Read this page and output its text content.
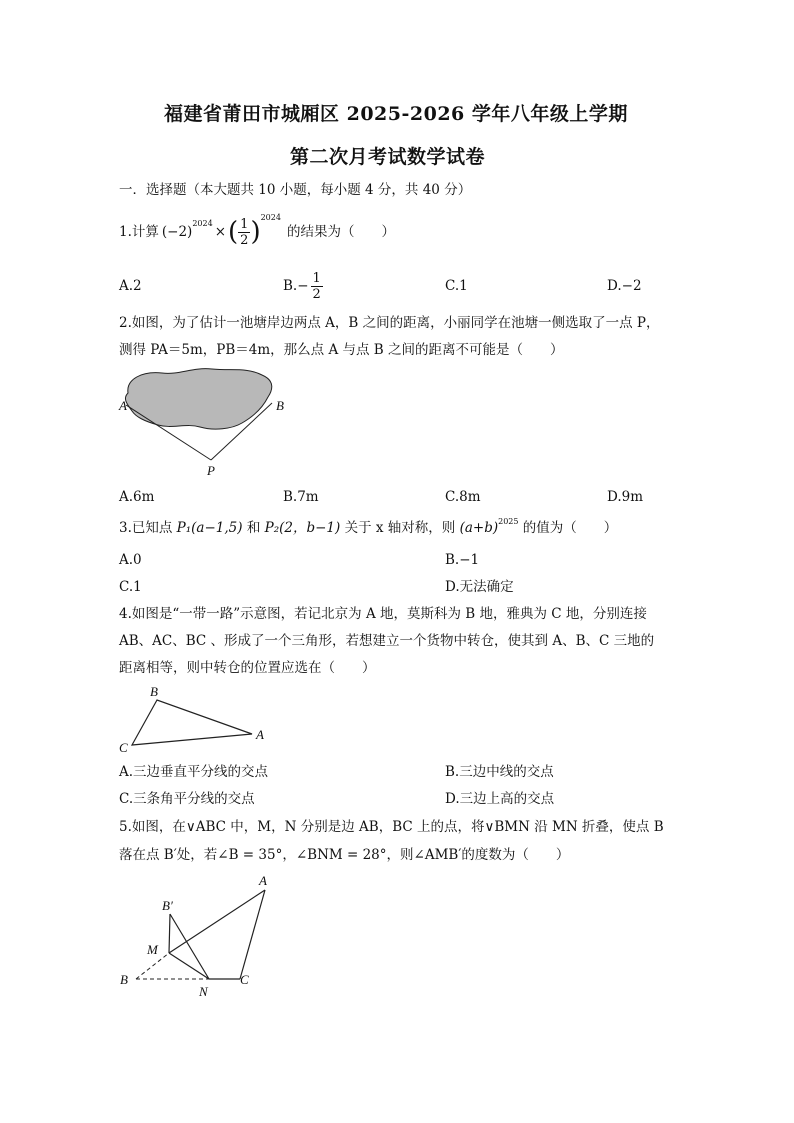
福建省莆田市城厢区 2025-2026 学年八年级上学期
第二次月考试数学试卷
一．选择题（本大题共 10 小题，每小题 4 分，共 40 分）
1.计算 (−2)
2024
× ( $\frac{1}{2}$ ) 2024
的结果为（　　）
A.2	$B.- \frac{1}{2}$	C.1	D.−2
2.如图，为了估计一池塘岸边两点 A，B 之间的距离，小丽同学在池塘一侧选取了一点 P，
测得 PA＝5m，PB＝4m，那么点 A 与点 B 之间的距离不可能是（　　）
A	B
P
A.6m	B.7m	C.8m	D.9m
3.已知点 P₁(a−1,5) 和 P₂(2，b−1) 关于 x 轴对称，则 $(a+b)^{2025}$ 的值为（　　）
A.0	B.−1
C.1	D.无法确定
4.如图是“一带一路”示意图，若记北京为 A 地，莫斯科为 B 地，雅典为 C 地，分别连接
AB、AC、BC 、形成了一个三角形，若想建立一个货物中转仓，使其到 A、B、C 三地的
距离相等，则中转仓的位置应选在（　　）
B
C
A
A.三边垂直平分线的交点	B.三边中线的交点
C.三条角平分线的交点	D.三边上高的交点
5.如图，在∨ABC 中，M，N 分别是边 AB，BC 上的点，将∨BMN 沿 MN 折叠，使点 B
落在点 B′处，若∠B = 35°，∠BNM = 28°，则∠AMB′的度数为（　　）
A
B′
M
B
N
C
